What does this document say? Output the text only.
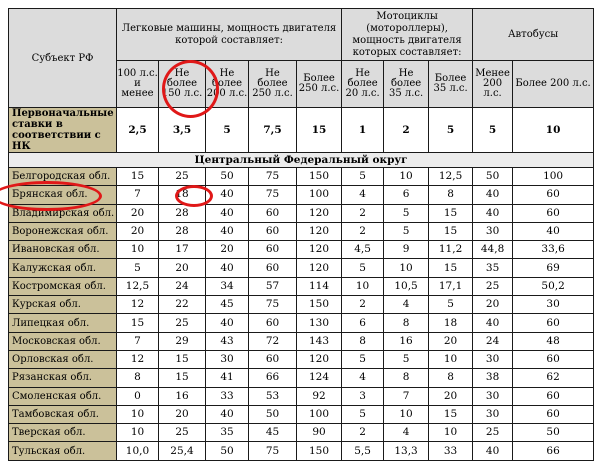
Субъект РФ	Легковые машины, мощность двигателя которой составляет:					Мотоциклы (мотороллеры), мощность двигателя которых составляет:			Автобусы	
	100 л.с. и менее	Не более 150 л.с.	Не более 200 л.с.	Не более 250 л.с.	Более 250 л.с.	Не более 20 л.с.	Не более 35 л.с.	Более 35 л.с.	Менее 200 л.с.	Более 200 л.с.
Первоначальные ставки в соответствии с НК	2,5	3,5	5	7,5	15	1	2	5	5	10
Центральный Федеральный округ										
Белгородская обл.	15	25	50	75	150	5	10	12,5	50	100
Брянская обл.	7	18	40	75	100	4	6	8	40	60
Владимирская обл.	20	28	40	60	120	2	5	15	40	60
Воронежская обл.	20	28	40	60	120	2	5	15	30	40
Ивановская обл.	10	17	20	60	120	4,5	9	11,2	44,8	33,6
Калужская обл.	5	20	40	60	120	5	10	15	35	69
Костромская обл.	12,5	24	34	57	114	10	10,5	17,1	25	50,2
Курская обл.	12	22	45	75	150	2	4	5	20	30
Липецкая обл.	15	25	40	60	130	6	8	18	40	60
Московская обл.	7	29	43	72	143	8	16	20	24	48
Орловская обл.	12	15	30	60	120	5	5	10	30	60
Рязанская обл.	8	15	41	66	124	4	8	8	38	62
Смоленская обл.	0	16	33	53	92	3	7	20	30	60
Тамбовская обл.	10	20	40	50	100	5	10	15	30	60
Тверская обл.	10	25	35	45	90	2	4	10	25	50
Тульская обл.	10,0	25,4	50	75	150	5,5	13,3	33	40	66
